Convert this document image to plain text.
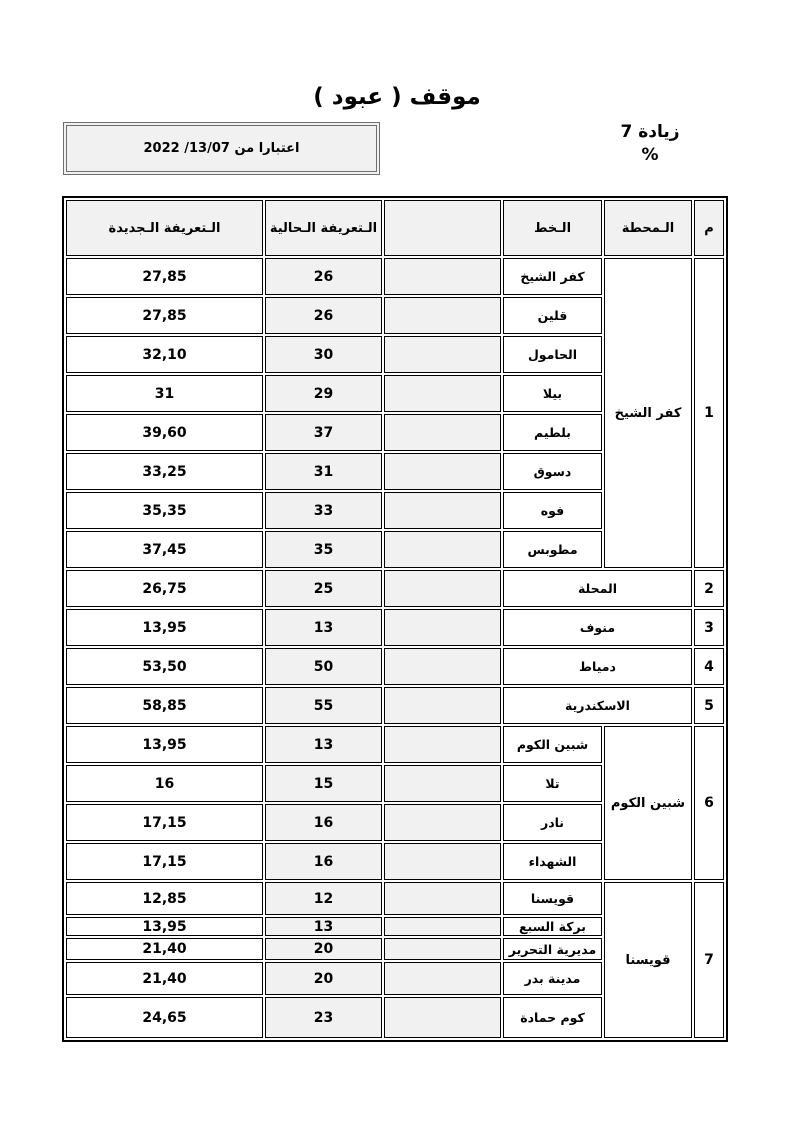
موقف ( عبود )
اعتبارا من 13/07/ 2022
زيادة 7 %
م	الـمحطة	الـخط		الـتعريفة الـحالية	الـتعريفة الـجديدة
1	كفر الشيخ	كفر الشيخ		26	27,85
		قلين		26	27,85
		الحامول		30	32,10
		بيلا		29	31
		بلطيم		37	39,60
		دسوق		31	33,25
		فوه		33	35,35
		مطوبس		35	37,45
2	المحلة			25	26,75
3	منوف			13	13,95
4	دمياط			50	53,50
5	الاسكندرية			55	58,85
6	شبين الكوم	شبين الكوم		13	13,95
		تلا		15	16
		نادر		16	17,15
		الشهداء		16	17,15
7	قويسنا	قويسنا		12	12,85
		بركة السبع		13	13,95
		مديرية التحرير		20	21,40
		مدينة بدر		20	21,40
		كوم حمادة		23	24,65
